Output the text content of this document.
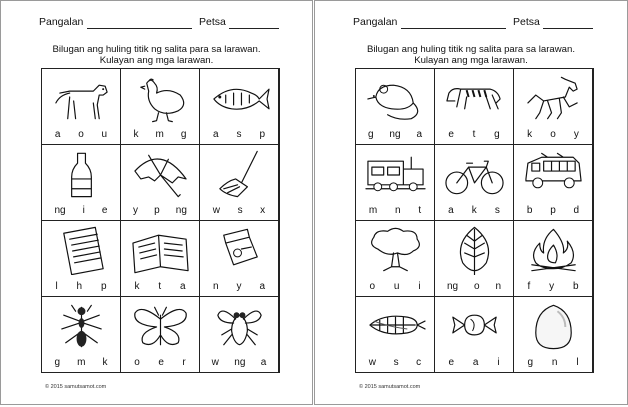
Pangalan	Petsa
Bilugan ang huling titik ng salita para sa larawan.
Kulayan ang mga larawan.
a o u	k m g	a s p
ng i e	y p ng	w s x
l h p	k t a	n y a
g m k	o e r	w ng a
© 2015 samutsamot.com
Pangalan	Petsa
Bilugan ang huling titik ng salita para sa larawan.
Kulayan ang mga larawan.
g ng a	e t g	k o y
m n t	a k s	b p d
o u i	ng o n	f y b
w s c	e a i	g n l
© 2015 samutsamot.com
